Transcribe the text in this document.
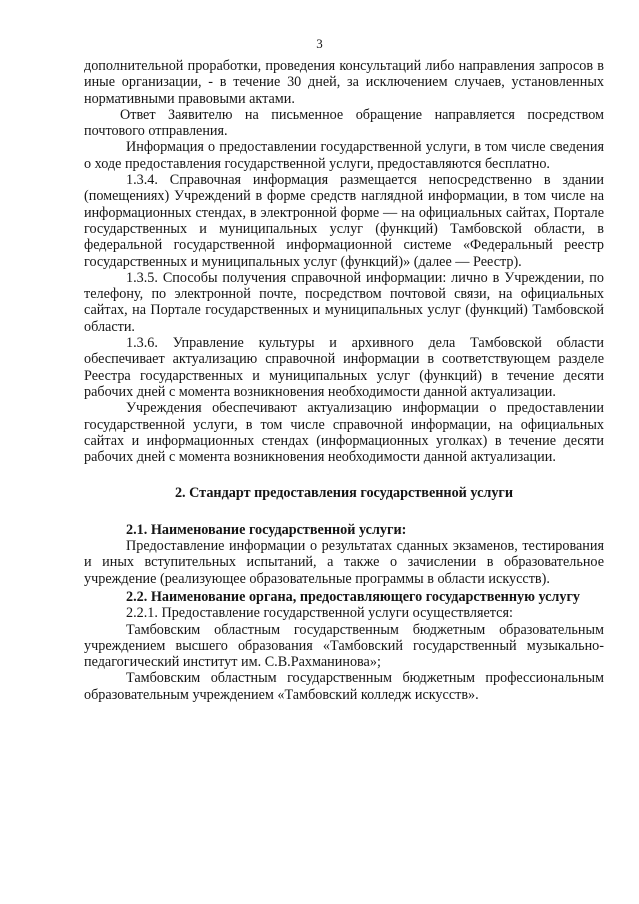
3

дополнительной проработки, проведения консультаций либо направления запросов в иные организации, - в течение 30 дней, за исключением случаев, установленных нормативными правовыми актами.

Ответ Заявителю на письменное обращение направляется посредством почтового отправления.

Информация о предоставлении государственной услуги, в том числе сведения о ходе предоставления государственной услуги, предоставляются бесплатно.

1.3.4. Справочная информация размещается непосредственно в здании (помещениях) Учреждений в форме средств наглядной информации, в том числе на информационных стендах, в электронной форме — на официальных сайтах, Портале государственных и муниципальных услуг (функций) Тамбовской области, в федеральной государственной информационной системе «Федеральный реестр государственных и муниципальных услуг (функций)» (далее — Реестр).

1.3.5. Способы получения справочной информации: лично в Учреждении, по телефону, по электронной почте, посредством почтовой связи, на официальных сайтах, на Портале государственных и муниципальных услуг (функций) Тамбовской области.

1.3.6. Управление культуры и архивного дела Тамбовской области обеспечивает актуализацию справочной информации в соответствующем разделе Реестра государственных и муниципальных услуг (функций) в течение десяти рабочих дней с момента возникновения необходимости данной актуализации.

Учреждения обеспечивают актуализацию информации о предоставлении государственной услуги, в том числе справочной информации, на официальных сайтах и информационных стендах (информационных уголках) в течение десяти рабочих дней с момента возникновения необходимости данной актуализации.

2. Стандарт предоставления государственной услуги

2.1. Наименование государственной услуги:

Предоставление информации о результатах сданных экзаменов, тестирования и иных вступительных испытаний, а также о зачислении в образовательное учреждение (реализующее образовательные программы в области искусств).

2.2. Наименование органа, предоставляющего государственную услугу

2.2.1. Предоставление государственной услуги осуществляется:

Тамбовским областным государственным бюджетным образовательным учреждением высшего образования «Тамбовский государственный музыкально-педагогический институт им. С.В.Рахманинова»;

Тамбовским областным государственным бюджетным профессиональным образовательным учреждением «Тамбовский колледж искусств».
